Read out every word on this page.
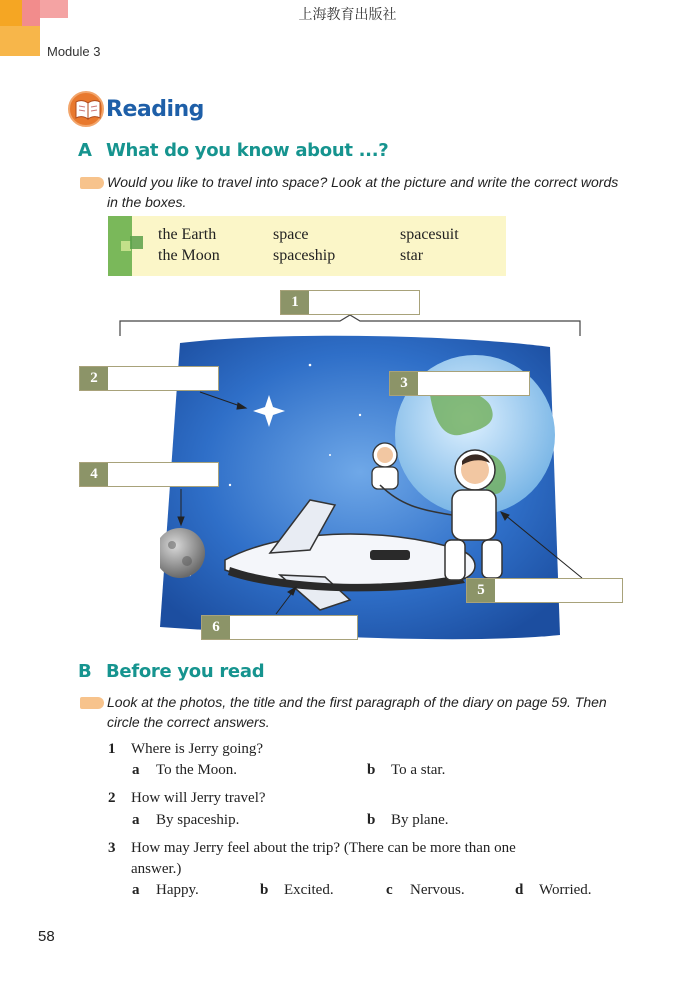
上海教育出版社
Module 3
Reading
A What do you know about ...?
Would you like to travel into space? Look at the picture and write the correct words
in the boxes.
the Earth	space	spacesuit
the Moon	spaceship	star
1
2	3
4
5
6
B Before you read
Look at the photos, the title and the first paragraph of the diary on page 59. Then
circle the correct answers.
1 Where is Jerry going?
a To the Moon.	b To a star.
2 How will Jerry travel?
a By spaceship.	b By plane.
3 How may Jerry feel about the trip? (There can be more than one
answer.)
a Happy.	b Excited.	c Nervous.	d Worried.
58
